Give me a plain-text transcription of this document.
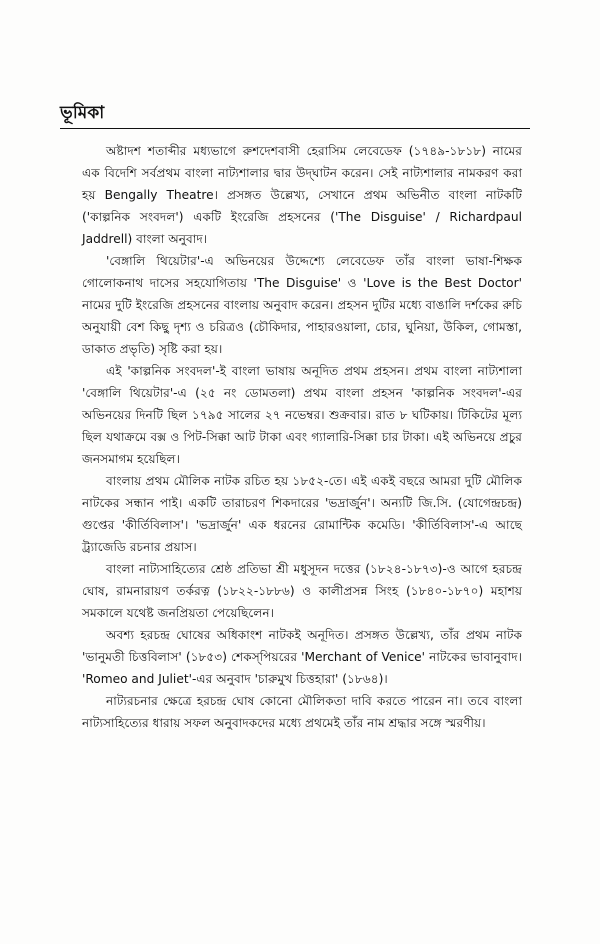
ভূমিকা

অষ্টাদশ শতাব্দীর মধ্যভাগে রুশদেশবাসী হেরাসিম লেবেডেফ (১৭৪৯-১৮১৮) নামের এক বিদেশি সর্বপ্রথম বাংলা নাট্যশালার দ্বার উদ্‌ঘাটন করেন। সেই নাট্যশালার নামকরণ করা হয় Bengally Theatre। প্রসঙ্গত উল্লেখ্য, সেখানে প্রথম অভিনীত বাংলা নাটকটি ('কাল্পনিক সংবদল') একটি ইংরেজি প্রহসনের ('The Disguise' / Richardpaul Jaddrell) বাংলা অনুবাদ।

'বেঙ্গালি থিয়েটার'-এ অভিনয়ের উদ্দেশ্যে লেবেডেফ তাঁর বাংলা ভাষা-শিক্ষক গোলোকনাথ দাসের সহযোগিতায় 'The Disguise' ও 'Love is the Best Doctor' নামের দুটি ইংরেজি প্রহসনের বাংলায় অনুবাদ করেন। প্রহসন দুটির মধ্যে বাঙালি দর্শকের রুচি অনুযায়ী বেশ কিছু দৃশ্য ও চরিত্রও (চৌকিদার, পাহারওয়ালা, চোর, ঘুনিয়া, উকিল, গোমস্তা, ডাকাত প্রভৃতি) সৃষ্টি করা হয়।

এই 'কাল্পনিক সংবদল'-ই বাংলা ভাষায় অনূদিত প্রথম প্রহসন। প্রথম বাংলা নাট্যশালা 'বেঙ্গালি থিয়েটার'-এ (২৫ নং ডোমতলা) প্রথম বাংলা প্রহসন 'কাল্পনিক সংবদল'-এর অভিনয়ের দিনটি ছিল ১৭৯৫ সালের ২৭ নভেম্বর। শুক্রবার। রাত ৮ ঘটিকায়। টিকিটের মূল্য ছিল যথাক্রমে বক্স ও পিট-সিক্কা আট টাকা এবং গ্যালারি-সিক্কা চার টাকা। এই অভিনয়ে প্রচুর জনসমাগম হয়েছিল।

বাংলায় প্রথম মৌলিক নাটক রচিত হয় ১৮৫২-তে। এই একই বছরে আমরা দুটি মৌলিক নাটকের সন্ধান পাই। একটি তারাচরণ শিকদারের 'ভদ্রার্জুন'। অন্যটি জি.সি. (যোগেন্দ্রচন্দ্র) গুপ্তের 'কীর্তিবিলাস'। 'ভদ্রার্জুন' এক ধরনের রোমান্টিক কমেডি। 'কীর্তিবিলাস'-এ আছে ট্র্যাজেডি রচনার প্রয়াস।

বাংলা নাট্যসাহিত্যের শ্রেষ্ঠ প্রতিভা শ্রী মধুসূদন দত্তের (১৮২৪-১৮৭৩)-ও আগে হরচন্দ্র ঘোষ, রামনারায়ণ তর্করত্ন (১৮২২-১৮৮৬) ও কালীপ্রসন্ন সিংহ (১৮৪০-১৮৭০) মহাশয় সমকালে যথেষ্ট জনপ্রিয়তা পেয়েছিলেন।

অবশ্য হরচন্দ্র ঘোষের অধিকাংশ নাটকই অনূদিত। প্রসঙ্গত উল্লেখ্য, তাঁর প্রথম নাটক 'ভানুমতী চিত্তবিলাস' (১৮৫৩) শেকস্‌পিয়রের 'Merchant of Venice' নাটকের ভাবানুবাদ। 'Romeo and Juliet'-এর অনুবাদ 'চারুমুখ চিত্তহারা' (১৮৬৪)।

নাট্যরচনার ক্ষেত্রে হরচন্দ্র ঘোষ কোনো মৌলিকতা দাবি করতে পারেন না। তবে বাংলা নাট্যসাহিত্যের ধারায় সফল অনুবাদকদের মধ্যে প্রথমেই তাঁর নাম শ্রদ্ধার সঙ্গে স্মরণীয়।
